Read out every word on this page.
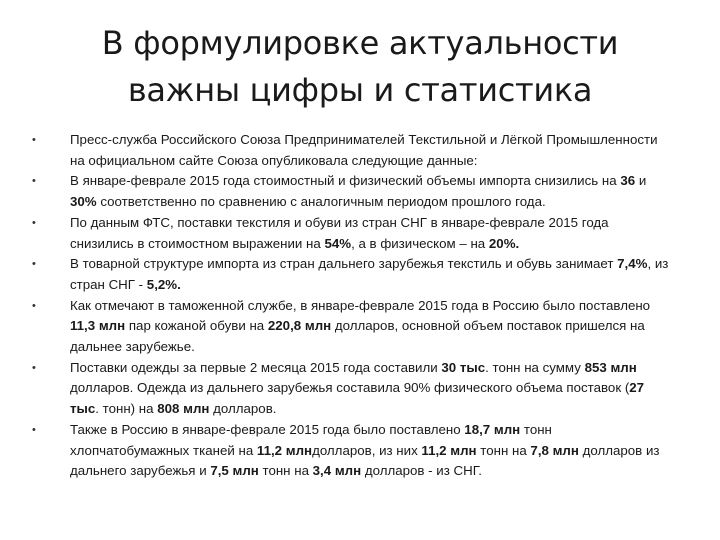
В формулировке актуальности
важны цифры и статистика
•	Пресс-служба Российского Союза Предпринимателей Текстильной и Лёгкой Промышленности на официальном сайте Союза опубликовала следующие данные:
•	В январе-феврале 2015 года стоимостный и физический объемы импорта снизились на 36 и 30% соответственно по сравнению с аналогичным периодом прошлого года.
•	По данным ФТС, поставки текстиля и обуви из стран СНГ в январе-феврале 2015 года снизились в стоимостном выражении на 54%, а в физическом – на 20%.
•	В товарной структуре импорта из стран дальнего зарубежья текстиль и обувь занимает 7,4%, из стран СНГ - 5,2%.
•	Как отмечают в таможенной службе, в январе-феврале 2015 года в Россию было поставлено 11,3 млн пар кожаной обуви на 220,8 млн долларов, основной объем поставок пришелся на дальнее зарубежье.
•	Поставки одежды за первые 2 месяца 2015 года составили 30 тыс. тонн на сумму 853 млн долларов. Одежда из дальнего зарубежья составила 90% физического объема поставок (27 тыс. тонн) на 808 млн долларов.
•	Также в Россию в январе-феврале 2015 года было поставлено 18,7 млн тонн хлопчатобумажных тканей на 11,2 млндолларов, из них 11,2 млн тонн на 7,8 млн долларов из дальнего зарубежья и 7,5 млн тонн на 3,4 млн долларов - из СНГ.
